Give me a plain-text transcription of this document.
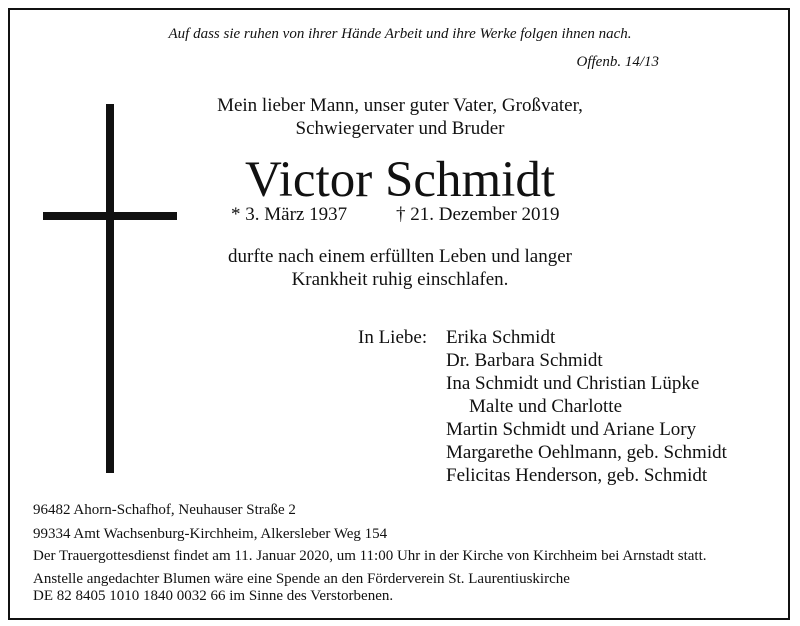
Auf dass sie ruhen von ihrer Hände Arbeit und ihre Werke folgen ihnen nach.
Offenb. 14/13
Mein lieber Mann, unser guter Vater, Großvater,
Schwiegervater und Bruder
Victor Schmidt
* 3. März 1937	† 21. Dezember 2019
durfte nach einem erfüllten Leben und langer
Krankheit ruhig einschlafen.
In Liebe: Erika Schmidt
Dr. Barbara Schmidt
Ina Schmidt und Christian Lüpke
Malte und Charlotte
Martin Schmidt und Ariane Lory
Margarethe Oehlmann, geb. Schmidt
Felicitas Henderson, geb. Schmidt
96482 Ahorn-Schafhof, Neuhauser Straße 2
99334 Amt Wachsenburg-Kirchheim, Alkersleber Weg 154
Der Trauergottesdienst findet am 11. Januar 2020, um 11:00 Uhr in der Kirche von Kirchheim bei Arnstadt statt.
Anstelle angedachter Blumen wäre eine Spende an den Förderverein St. Laurentiuskirche
DE 82 8405 1010 1840 0032 66 im Sinne des Verstorbenen.
